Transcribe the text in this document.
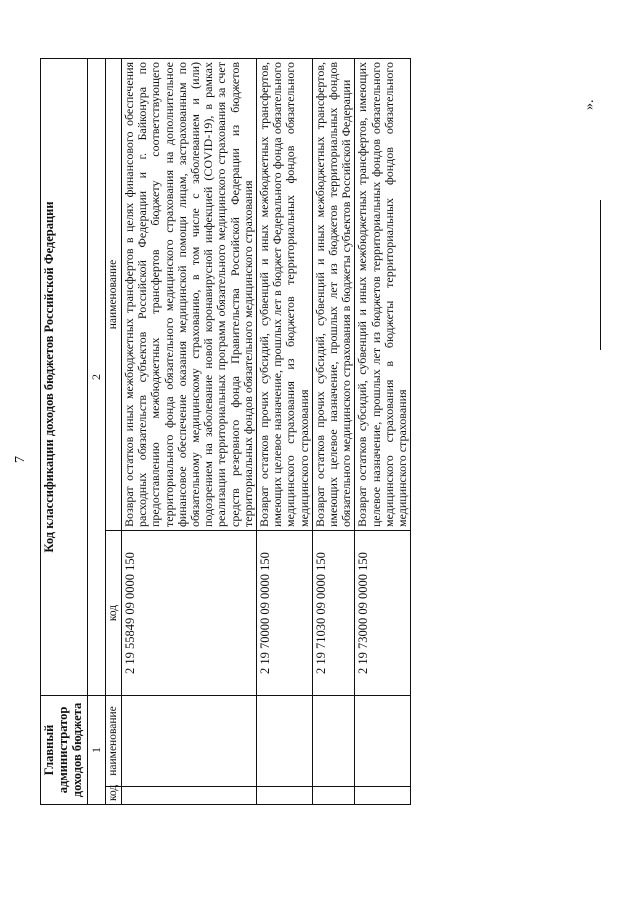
7
Главный администратор доходов бюджета		Код классификации доходов бюджетов Российской Федерации	
1		2	
код	наименование	код	наименование
		2 19 55849 09 0000 150	Возврат остатков иных межбюджетных трансфертов в целях финансового обеспечения расходных обязательств субъектов Российской Федерации и г. Байконура по предоставлению межбюджетных трансфертов бюджету соответствующего территориального фонда обязательного медицинского страхования на дополнительное финансовое обеспечение оказания медицинской помощи лицам, застрахованным по обязательному медицинскому страхованию, в том числе с заболеванием и (или) подозрением на заболевание новой коронавирусной инфекцией (COVID-19), в рамках реализации территориальных программ обязательного медицинского страхования за счет средств резервного фонда Правительства Российской Федерации из бюджетов территориальных фондов обязательного медицинского страхования
		2 19 70000 09 0000 150	Возврат остатков прочих субсидий, субвенций и иных межбюджетных трансфертов, имеющих целевое назначение, прошлых лет в бюджет Федерального фонда обязательного медицинского страхования из бюджетов территориальных фондов обязательного медицинского страхования
		2 19 71030 09 0000 150	Возврат остатков прочих субсидий, субвенций и иных межбюджетных трансфертов, имеющих целевое назначение, прошлых лет из бюджетов территориальных фондов обязательного медицинского страхования в бюджеты субъектов Российской Федерации
		2 19 73000 09 0000 150	Возврат остатков субсидий, субвенций и иных межбюджетных трансфертов, имеющих целевое назначение, прошлых лет из бюджетов территориальных фондов обязательного медицинского страхования в бюджеты территориальных фондов обязательного медицинского страхования
».
